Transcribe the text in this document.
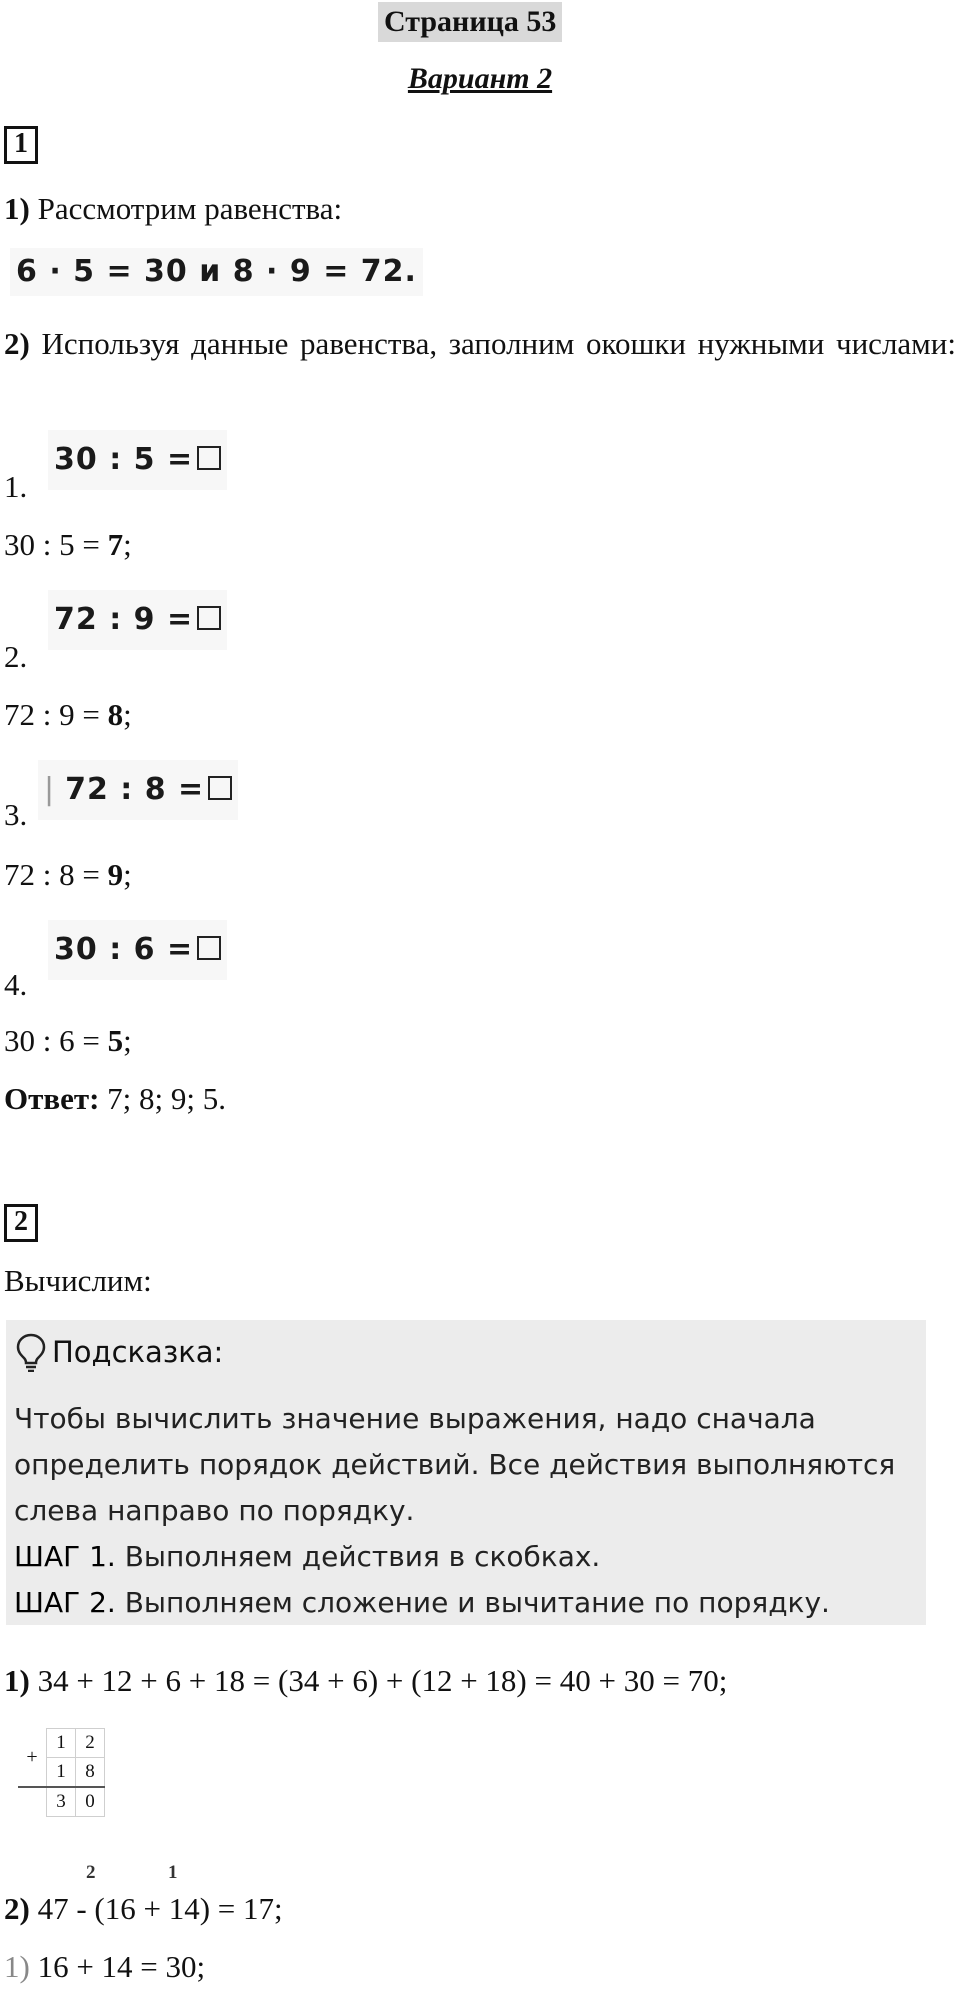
Страница 53
Вариант 2
1
1) Рассмотрим равенства:
6 · 5 = 30 и 8 · 9 = 72.
2) Используя данные равенства, заполним окошки нужными числами:
30 : 5 =
1.
30 : 5 = 7;
72 : 9 =
2.
72 : 9 = 8;
| 72 : 8 =
3.
72 : 8 = 9;
30 : 6 =
4.
30 : 6 = 5;
Ответ: 7; 8; 9; 5.
2
Вычислим:
Подсказка:
Чтобы вычислить значение выражения, надо сначала
определить порядок действий. Все действия выполняются
слева направо по порядку.
ШАГ 1. Выполняем действия в скобках.
ШАГ 2. Выполняем сложение и вычитание по порядку.
1) 34 + 12 + 6 + 18 = (34 + 6) + (12 + 18) = 40 + 30 = 70;
+	1	2
	1	8
	3	0
2	1
2) 47 - (16 + 14) = 17;
1) 16 + 14 = 30;
